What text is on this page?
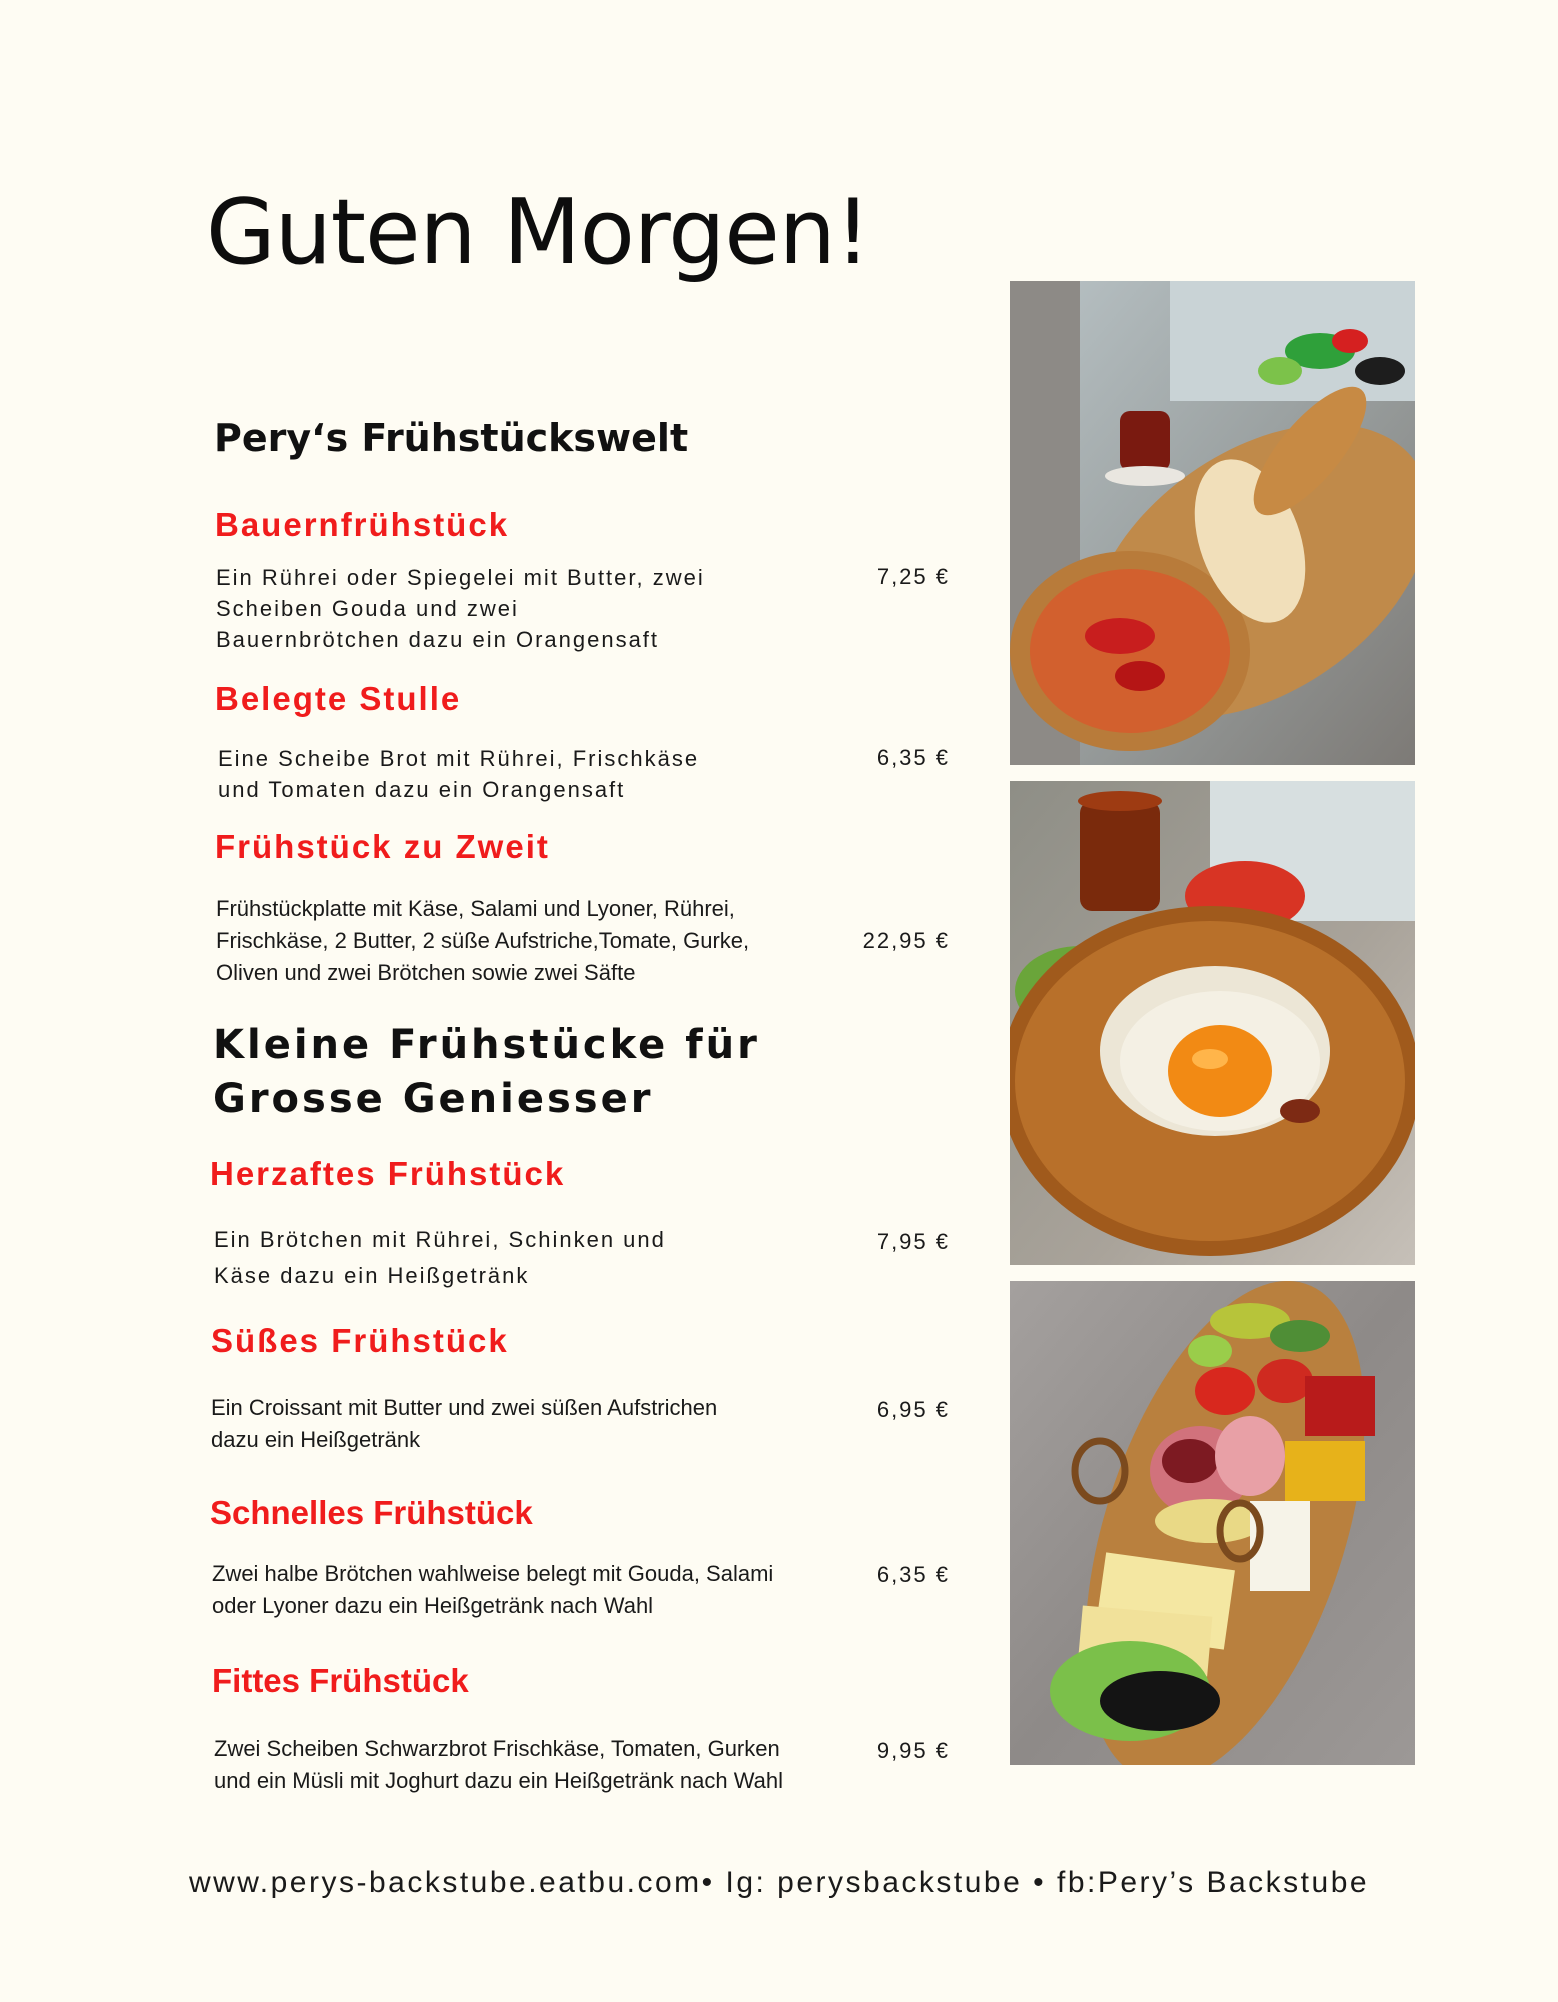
Guten Morgen!
Pery‘s Frühstückswelt
Bauernfrühstück
Ein Rührei oder Spiegelei mit Butter, zwei
Scheiben Gouda und zwei
Bauernbrötchen dazu ein Orangensaft
7,25 €
Belegte Stulle
Eine Scheibe Brot mit Rührei, Frischkäse
und Tomaten dazu ein Orangensaft
6,35 €
Frühstück zu Zweit
Frühstückplatte mit Käse, Salami und Lyoner, Rührei,
Frischkäse, 2 Butter, 2 süße Aufstriche,Tomate, Gurke,
Oliven und zwei Brötchen sowie zwei Säfte
22,95 €
Kleine Frühstücke für
Grosse Geniesser
Herzaftes Frühstück
Ein Brötchen mit Rührei, Schinken und
Käse dazu ein Heißgetränk
7,95 €
Süßes Frühstück
Ein Croissant mit Butter und zwei süßen Aufstrichen
dazu ein Heißgetränk
6,95 €
Schnelles Frühstück
Zwei halbe Brötchen wahlweise belegt mit Gouda, Salami
oder Lyoner dazu ein Heißgetränk nach Wahl
6,35 €
Fittes Frühstück
Zwei Scheiben Schwarzbrot Frischkäse, Tomaten, Gurken
und ein Müsli mit Joghurt dazu ein Heißgetränk nach Wahl
9,95 €
www.perys-backstube.eatbu.com• Ig: perysbackstube • fb:Pery’s Backstube
